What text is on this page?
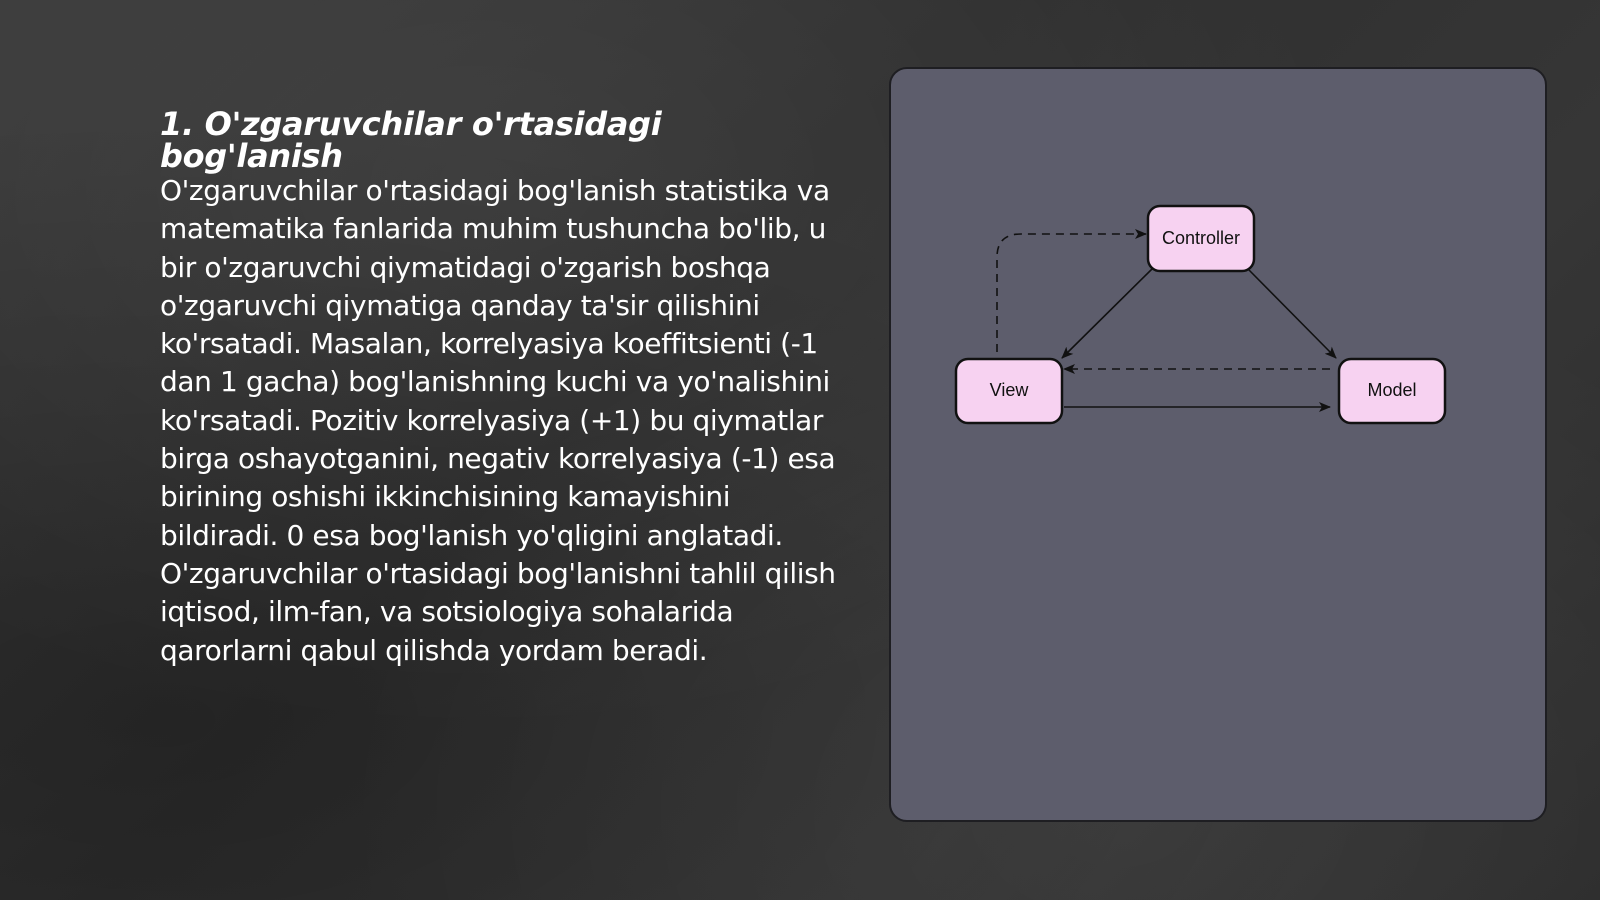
1. O'zgaruvchilar o'rtasidagi bog'lanish

O'zgaruvchilar o'rtasidagi bog'lanish statistika va matematika fanlarida muhim tushuncha bo'lib, u bir o'zgaruvchi qiymatidagi o'zgarish boshqa o'zgaruvchi qiymatiga qanday ta'sir qilishini ko'rsatadi. Masalan, korrelyasiya koeffitsienti (-1 dan 1 gacha) bog'lanishning kuchi va yo'nalishini ko'rsatadi. Pozitiv korrelyasiya (+1) bu qiymatlar birga oshayotganini, negativ korrelyasiya (-1) esa birining oshishi ikkinchisining kamayishini bildiradi. 0 esa bog'lanish yo'qligini anglatadi. O'zgaruvchilar o'rtasidagi bog'lanishni tahlil qilish iqtisod, ilm-fan, va sotsiologiya sohalarida qarorlarni qabul qilishda yordam beradi.

Controller
View	Model
